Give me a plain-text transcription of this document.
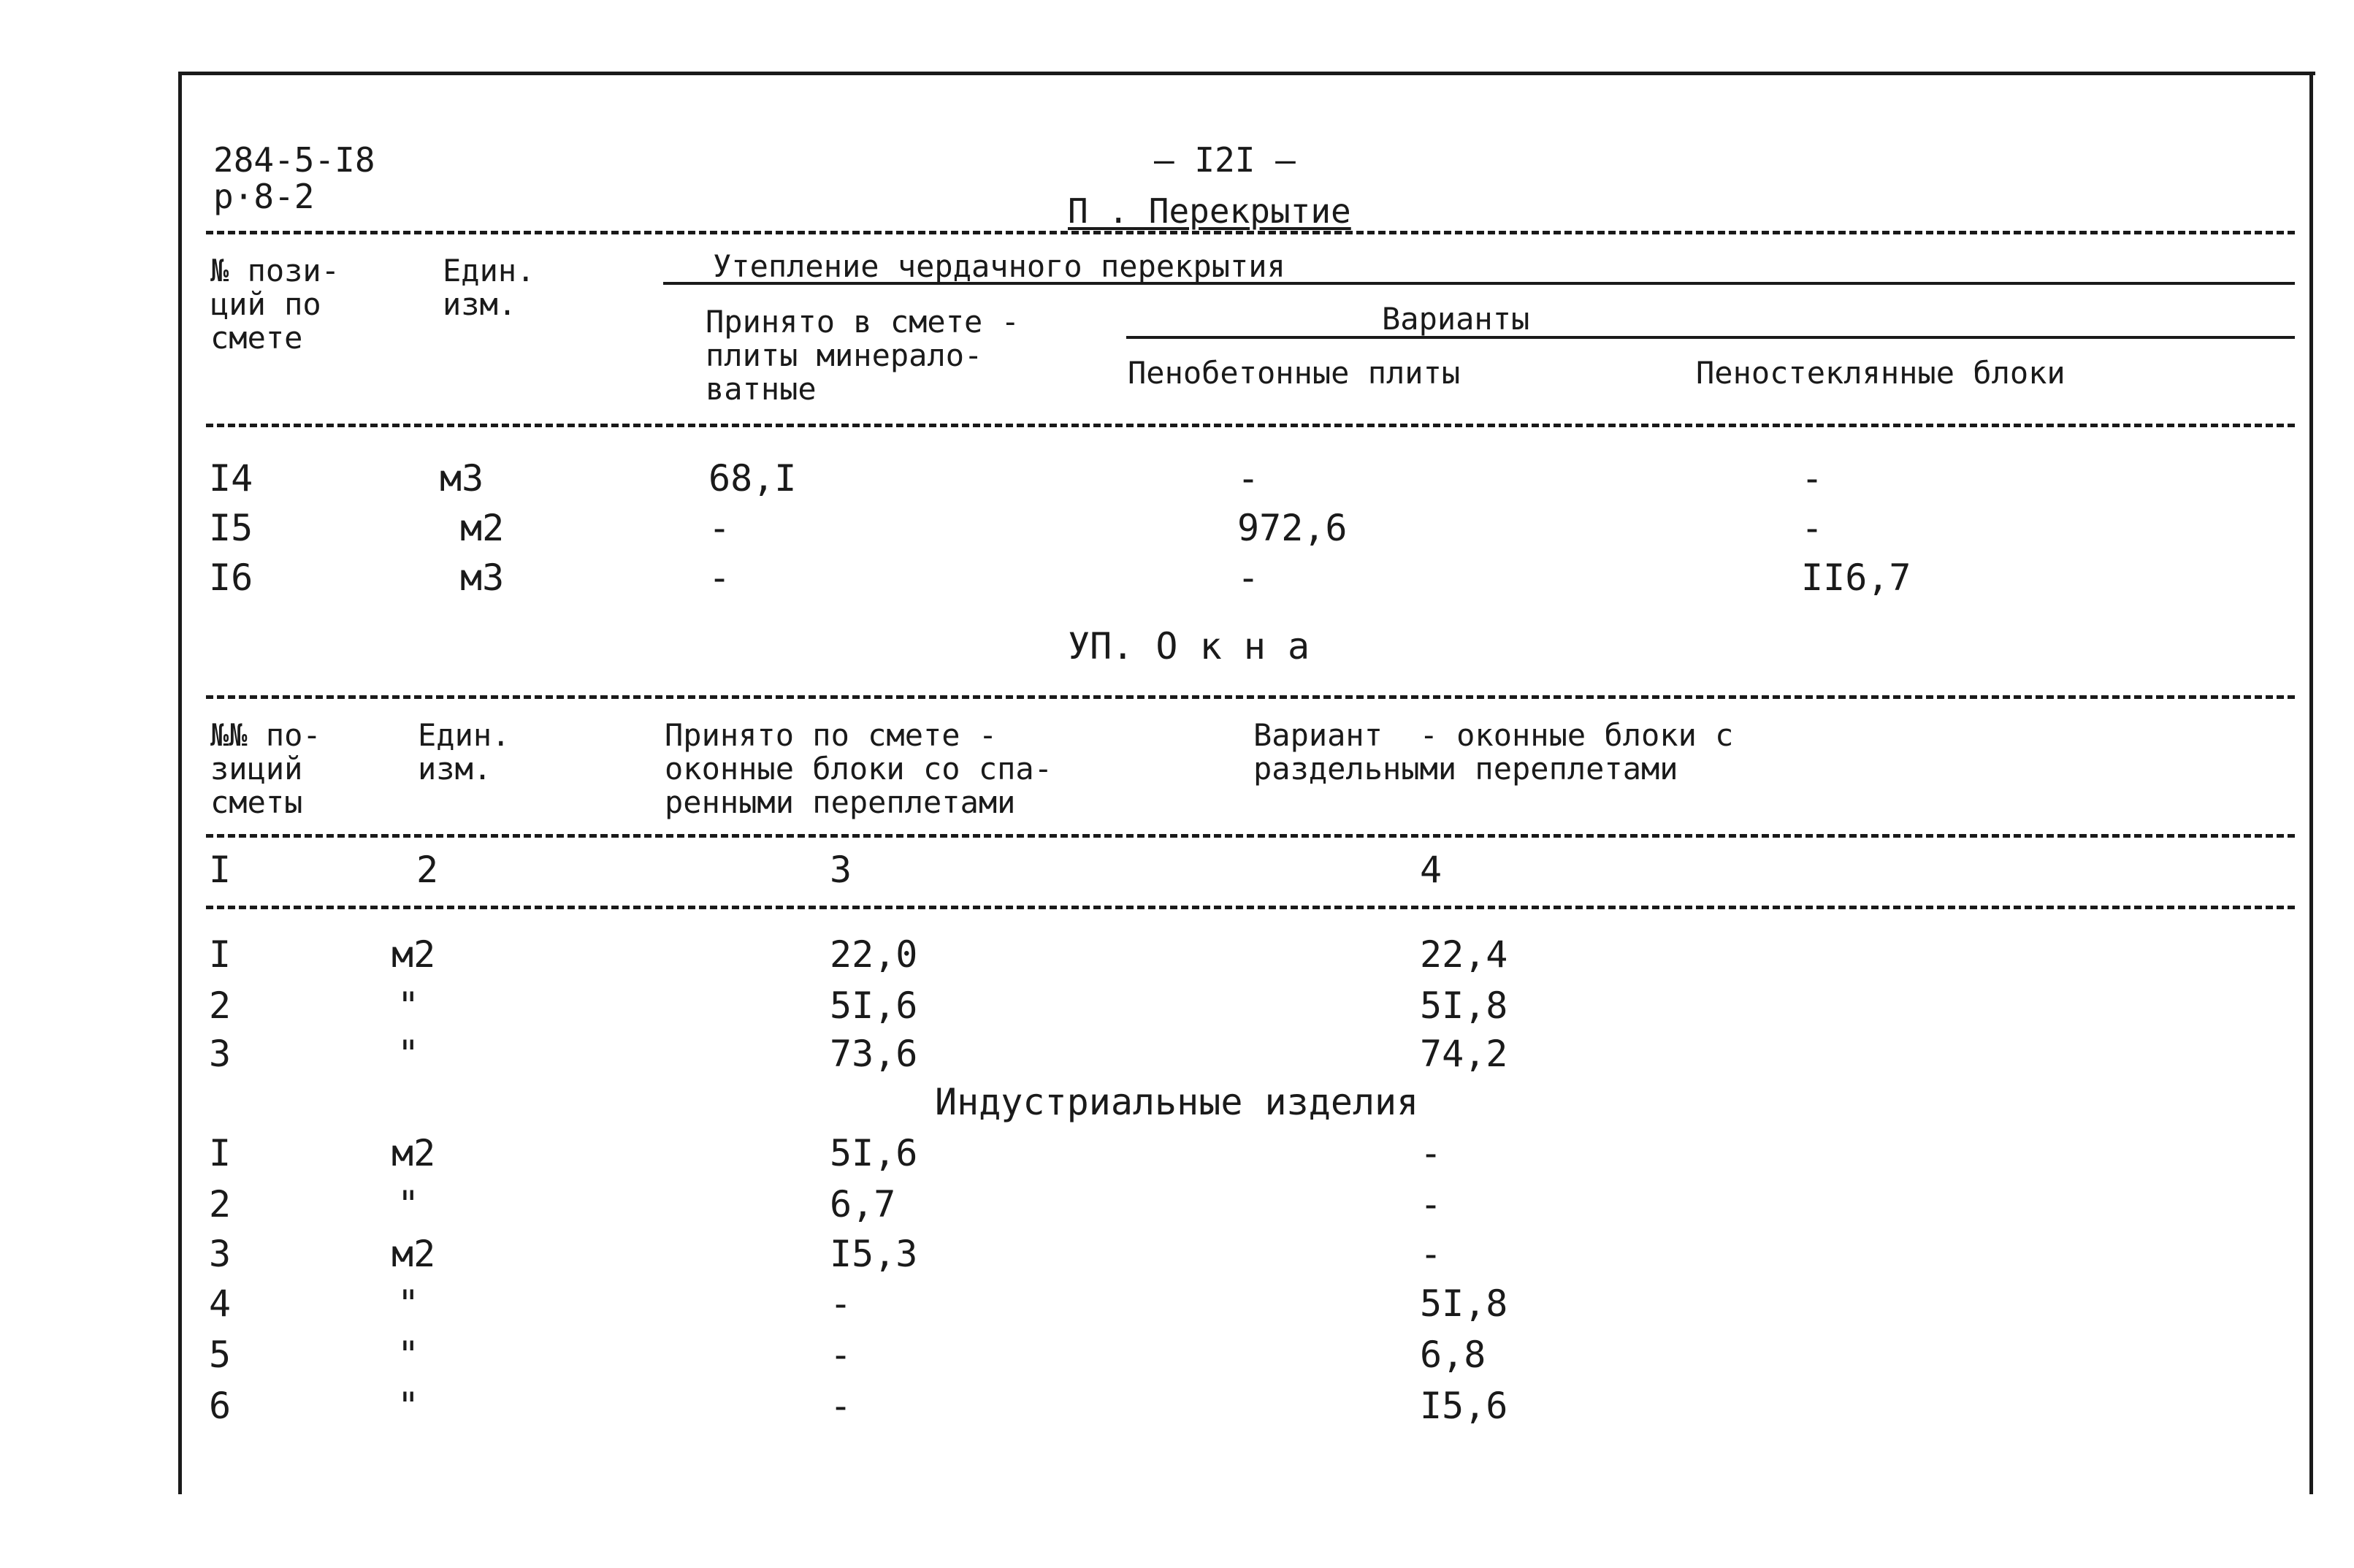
284-5-I8
р·8-2
— I2I —
П . Перекрытие
№ пози-
ций по
смете
Един.
изм.
Утепление чердачного перекрытия
Принято в смете -
плиты минерало-
ватные
Варианты
Пенобетонные плиты	Пеностеклянные блоки
I4	м3	68,I	-	-
I5	м2	-	972,6	-
I6	м3	-	-	II6,7
УП. О к н а
№№ по-
зиций
сметы
Един.
изм.
Принято по смете -
оконные блоки со спа-
ренными переплетами
Вариант  - оконные блоки с
раздельными переплетами
I	2	3	4
I	м2	22,0	22,4
2	"	5I,6	5I,8
3	"	73,6	74,2
Индустриальные изделия
I	м2	5I,6	-
2	"	6,7	-
3	м2	I5,3	-
4	"	-	5I,8
5	"	-	6,8
6	"	-	I5,6
